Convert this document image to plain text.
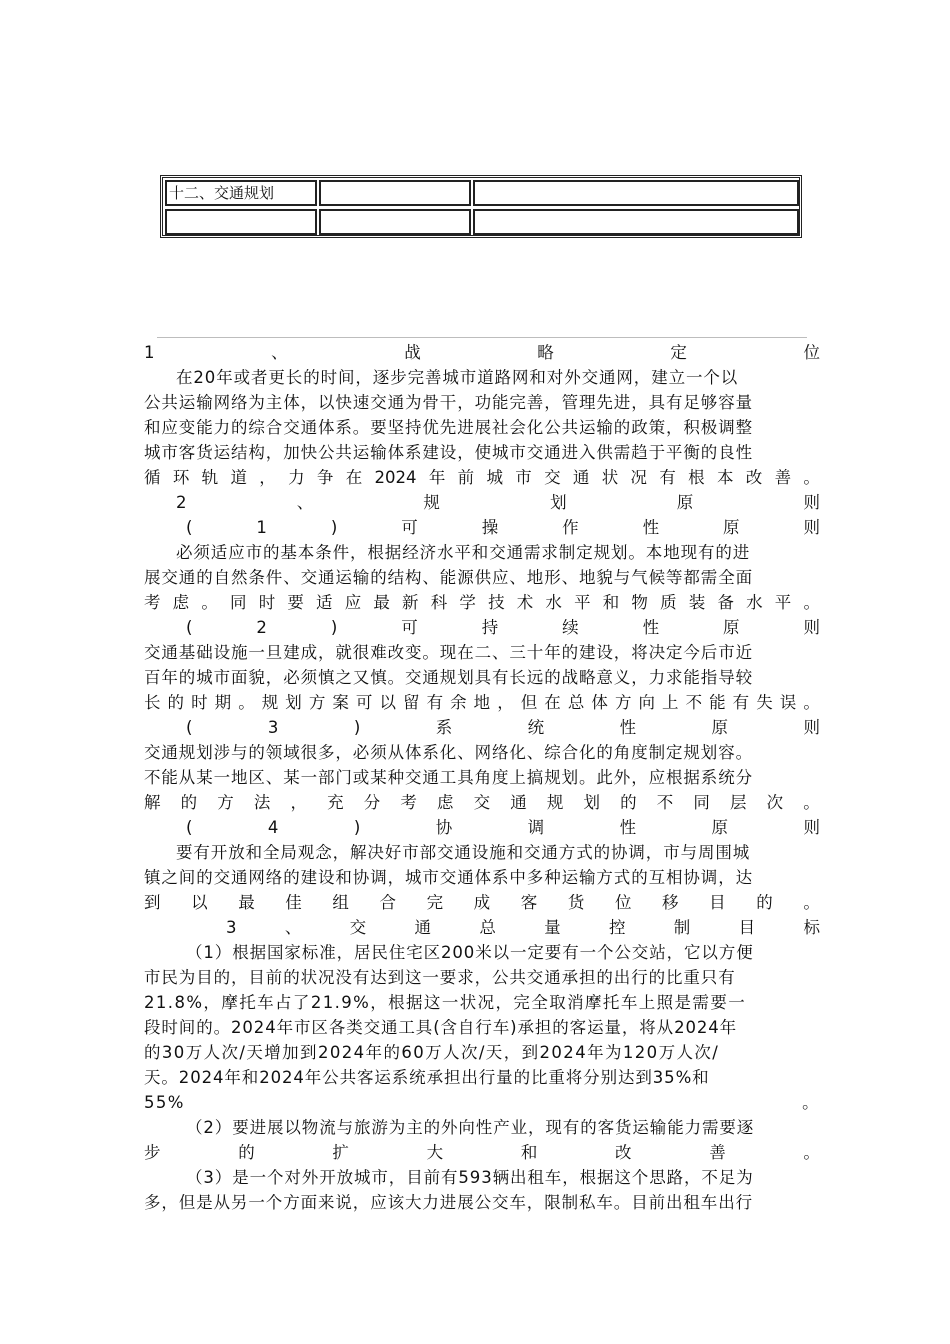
十二、交通规划
1	、	战	略	定	位
在20年或者更长的时间，逐步完善城市道路网和对外交通网，建立一个以
公共运输网络为主体，以快速交通为骨干，功能完善，管理先进，具有足够容量
和应变能力的综合交通体系。要坚持优先进展社会化公共运输的政策，积极调整
城市客货运结构，加快公共运输体系建设，使城市交通进入供需趋于平衡的良性
循 环 轨 道 ， 力 争 在 2024 年 前 城 市 交 通 状 况 有 根 本 改 善 。
2	、	规	划	原	则
(	1	)	可	操	作	性	原	则
必须适应市的基本条件，根据经济水平和交通需求制定规划。本地现有的进
展交通的自然条件、交通运输的结构、能源供应、地形、地貌与气候等都需全面
考 虑 。 同 时 要 适 应 最 新 科 学 技 术 水 平 和 物 质 装 备 水 平 。
(	2	)	可	持	续	性	原	则
交通基础设施一旦建成，就很难改变。现在二、三十年的建设，将决定今后市近
百年的城市面貌，必须慎之又慎。交通规划具有长远的战略意义，力求能指导较
长 的 时 期 。 规 划 方 案 可 以 留 有 余 地 ， 但 在 总 体 方 向 上 不 能 有 失 误 。
(	3	)	系	统	性	原	则
交通规划涉与的领域很多，必须从体系化、网络化、综合化的角度制定规划容。
不能从某一地区、某一部门或某种交通工具角度上搞规划。此外，应根据系统分
解 的 方 法 ， 充 分 考 虑 交 通 规 划 的 不 同 层 次 。
(	4	)	协	调	性	原	则
要有开放和全局观念，解决好市部交通设施和交通方式的协调，市与周围城
镇之间的交通网络的建设和协调，城市交通体系中多种运输方式的互相协调，达
到 以 最 佳 组 合 完 成 客 货 位 移 目 的 。
3	、	交	通	总	量	控	制	目	标
（1）根据国家标准，居民住宅区200米以一定要有一个公交站，它以方便
市民为目的，目前的状况没有达到这一要求，公共交通承担的出行的比重只有
21.8%，摩托车占了21.9%，根据这一状况，完全取消摩托车上照是需要一
段时间的。2024年市区各类交通工具(含自行车)承担的客运量，将从2024年
的30万人次/天增加到2024年的60万人次/天，到2024年为120万人次/
天。2024年和2024年公共客运系统承担出行量的比重将分别达到35%和
55%	。
（2）要进展以物流与旅游为主的外向性产业，现有的客货运输能力需要逐
步	的	扩	大	和	改	善	。
（3）是一个对外开放城市，目前有593辆出租车，根据这个思路，不足为
多，但是从另一个方面来说，应该大力进展公交车，限制私车。目前出租车出行
